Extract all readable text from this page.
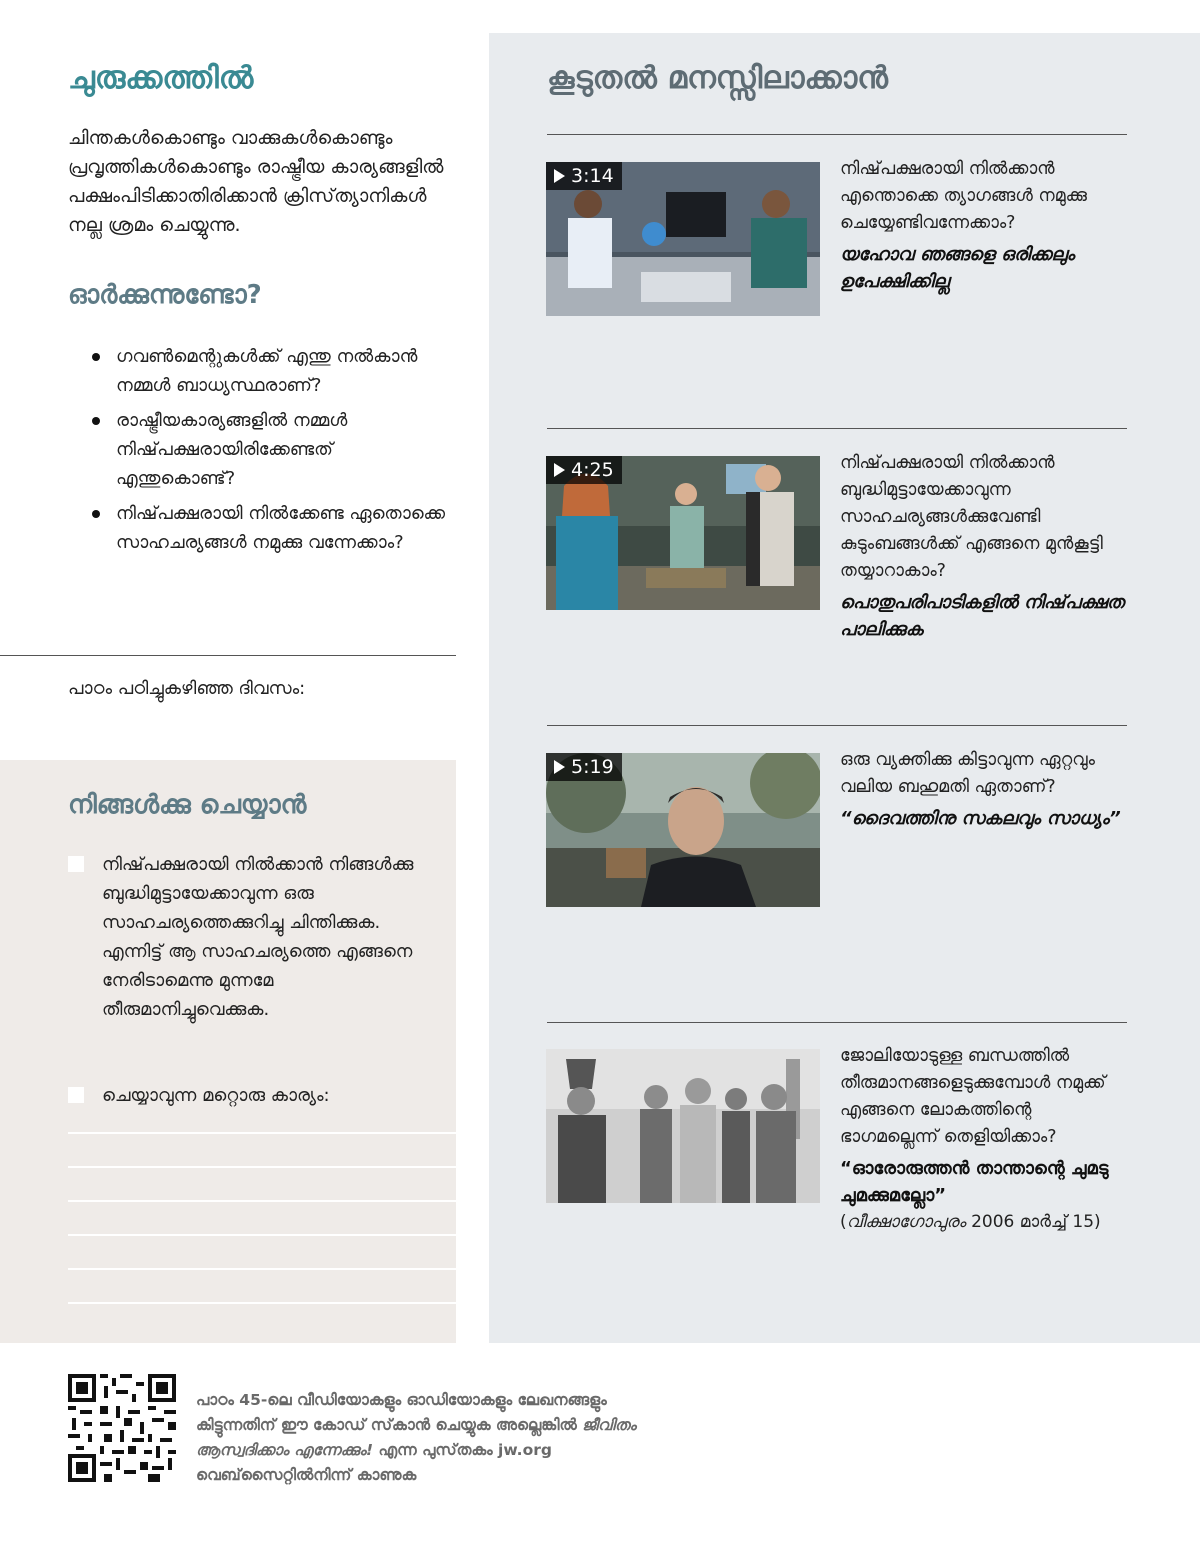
ചുരുക്കത്തിൽ
ചിന്തകൾകൊണ്ടും വാക്കുകൾകൊണ്ടും പ്രവൃത്തികൾകൊണ്ടും രാഷ്ട്രീയ കാര്യങ്ങളിൽ പക്ഷംപിടിക്കാതിരിക്കാൻ ക്രിസ്‌ത്യാനികൾ നല്ല ശ്രമം ചെയ്യുന്നു.
ഓർക്കുന്നുണ്ടോ?
ഗവൺമെന്റുകൾക്ക്‌ എന്തു നൽകാൻ നമ്മൾ ബാധ്യസ്ഥരാണ്‌?
രാഷ്ട്രീയകാര്യങ്ങളിൽ നമ്മൾ നിഷ്‌പക്ഷരായിരിക്കേണ്ടത്‌ എന്തുകൊണ്ട്‌?
നിഷ്‌പക്ഷരായി നിൽക്കേണ്ട ഏതൊക്കെ സാഹചര്യങ്ങൾ നമുക്കു വന്നേക്കാം?
പാഠം പഠിച്ചുകഴിഞ്ഞ ദിവസം:
നിങ്ങൾക്കു ചെയ്യാൻ
നിഷ്‌പക്ഷരായി നിൽക്കാൻ നിങ്ങൾക്കു ബുദ്ധിമുട്ടായേക്കാവുന്ന ഒരു സാഹചര്യത്തെക്കുറിച്ചു ചിന്തിക്കുക. എന്നിട്ട്‌ ആ സാഹചര്യത്തെ എങ്ങനെ നേരിടാമെന്നു മുന്നമേ തീരുമാനിച്ചുവെക്കുക.
ചെയ്യാവുന്ന മറ്റൊരു കാര്യം:
കൂടുതൽ മനസ്സിലാക്കാൻ
3:14	നിഷ്‌പക്ഷരായി നിൽക്കാൻ എന്തൊക്കെ ത്യാഗങ്ങൾ നമുക്കു ചെയ്യേണ്ടിവന്നേക്കാം?
യഹോവ ഞങ്ങളെ ഒരിക്കലും ഉപേക്ഷിക്കില്ല
4:25	നിഷ്‌പക്ഷരായി നിൽക്കാൻ ബുദ്ധിമുട്ടായേക്കാവുന്ന സാഹചര്യങ്ങൾക്കുവേണ്ടി കുടുംബങ്ങൾക്ക്‌ എങ്ങനെ മുൻകൂട്ടി തയ്യാറാകാം?
പൊതുപരിപാടികളിൽ നിഷ്‌പക്ഷത പാലിക്കുക
5:19	ഒരു വ്യക്തിക്കു കിട്ടാവുന്ന ഏറ്റവും വലിയ ബഹുമതി ഏതാണ്‌?
“ദൈവത്തിനു സകലവും സാധ്യം”
ജോലിയോടുള്ള ബന്ധത്തിൽ തീരുമാനങ്ങളെടുക്കുമ്പോൾ നമുക്ക്‌ എങ്ങനെ ലോകത്തിന്റെ ഭാഗമല്ലെന്ന്‌ തെളിയിക്കാം?
“ഓരോരുത്തൻ താന്താന്റെ ചുമടു ചുമക്കുമല്ലോ”
(വീക്ഷാഗോപുരം 2006 മാർച്ച്‌ 15)
പാഠം 45-ലെ വീഡിയോകളും ഓഡിയോകളും ലേഖനങ്ങളും കിട്ടുന്നതിന്‌ ഈ കോഡ്‌ സ്‌കാൻ ചെയ്യുക അല്ലെങ്കിൽ ജീവിതം ആസ്വദിക്കാം എന്നേക്കും! എന്ന പുസ്‌തകം jw.org വെബ്‌സൈറ്റിൽനിന്ന്‌ കാണുക
